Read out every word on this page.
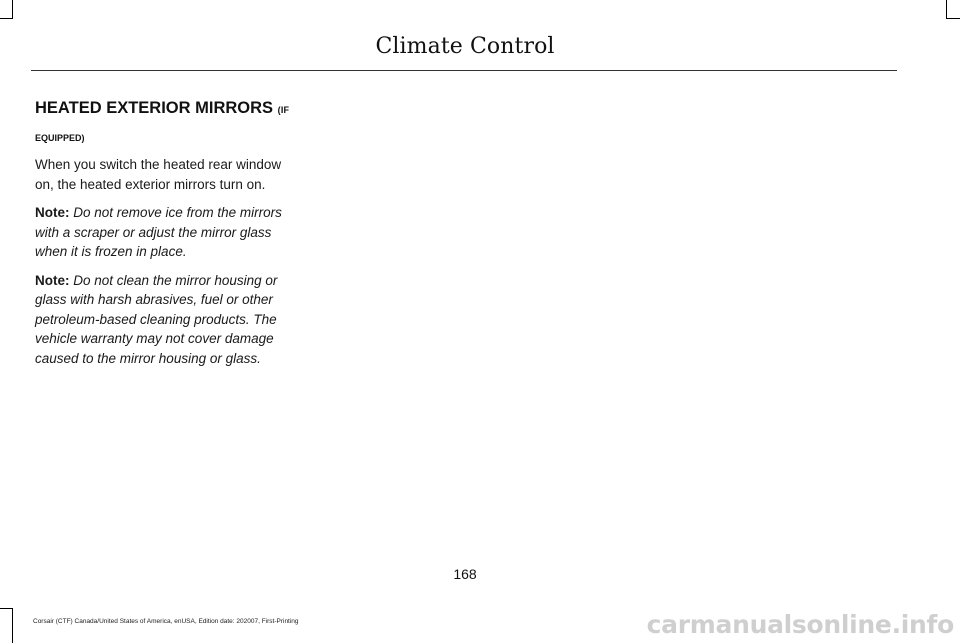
Climate Control
HEATED EXTERIOR MIRRORS (IF
EQUIPPED)

When you switch the heated rear window on, the heated exterior mirrors turn on.

Note: Do not remove ice from the mirrors with a scraper or adjust the mirror glass when it is frozen in place.

Note: Do not clean the mirror housing or glass with harsh abrasives, fuel or other petroleum-based cleaning products. The vehicle warranty may not cover damage caused to the mirror housing or glass.

168
Corsair (CTF) Canada/United States of America, enUSA, Edition date: 202007, First-Printing	carmanualsonline.info
